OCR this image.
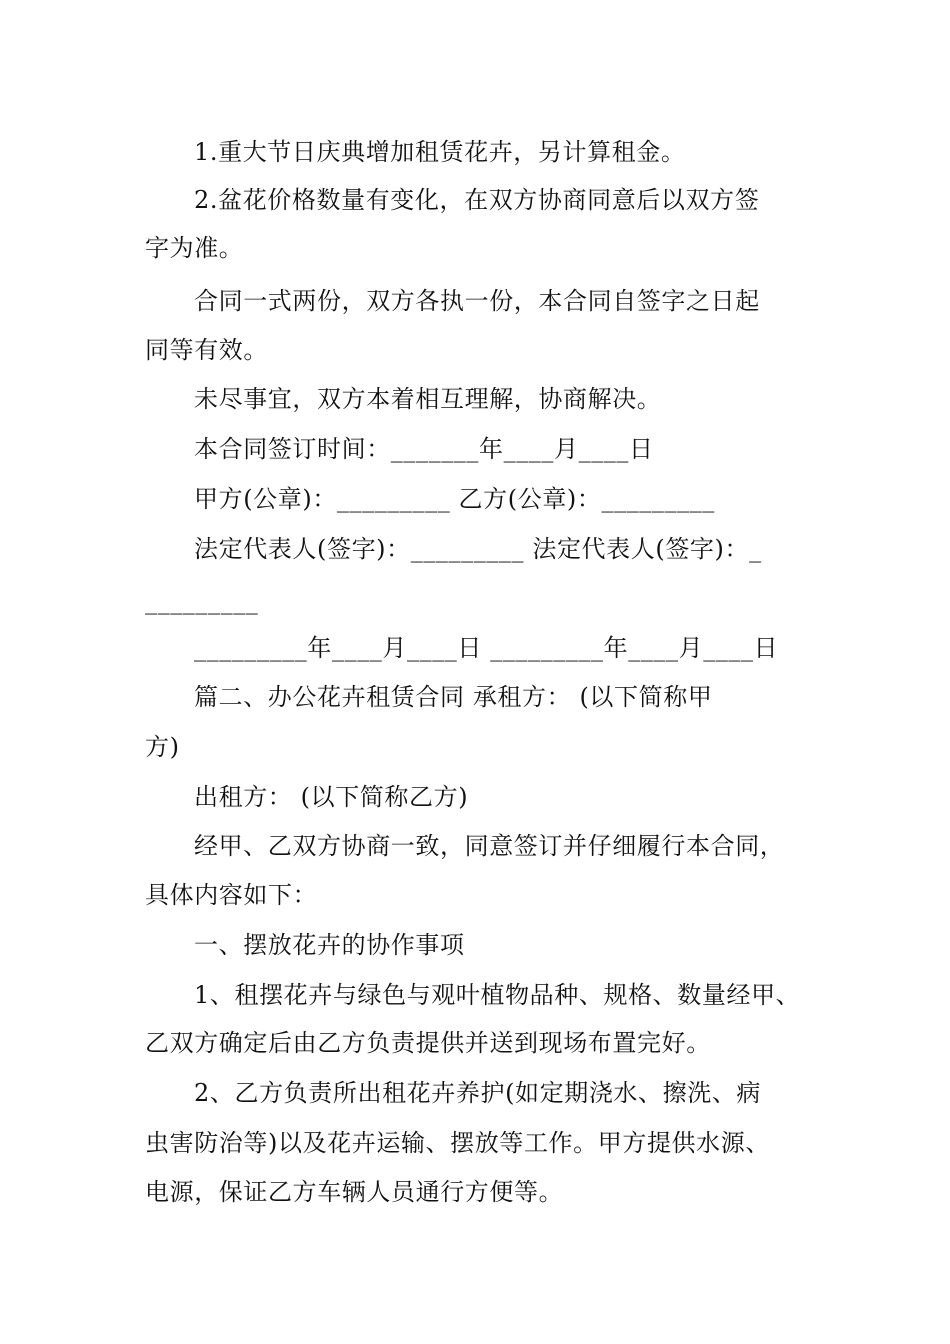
1.重大节日庆典增加租赁花卉，另计算租金。
2.盆花价格数量有变化，在双方协商同意后以双方签
字为准。
合同一式两份，双方各执一份，本合同自签字之日起
同等有效。
未尽事宜，双方本着相互理解，协商解决。
本合同签订时间：_______年____月____日
甲方(公章)：_________ 乙方(公章)：_________
法定代表人(签字)：_________ 法定代表人(签字)：_
_________
_________年____月____日 _________年____月____日
篇二、办公花卉租赁合同 承租方： (以下简称甲
方)
出租方： (以下简称乙方)
经甲、乙双方协商一致，同意签订并仔细履行本合同，
具体内容如下：
一、摆放花卉的协作事项
1、租摆花卉与绿色与观叶植物品种、规格、数量经甲、
乙双方确定后由乙方负责提供并送到现场布置完好。
2、乙方负责所出租花卉养护(如定期浇水、擦洗、病
虫害防治等)以及花卉运输、摆放等工作。甲方提供水源、
电源，保证乙方车辆人员通行方便等。
